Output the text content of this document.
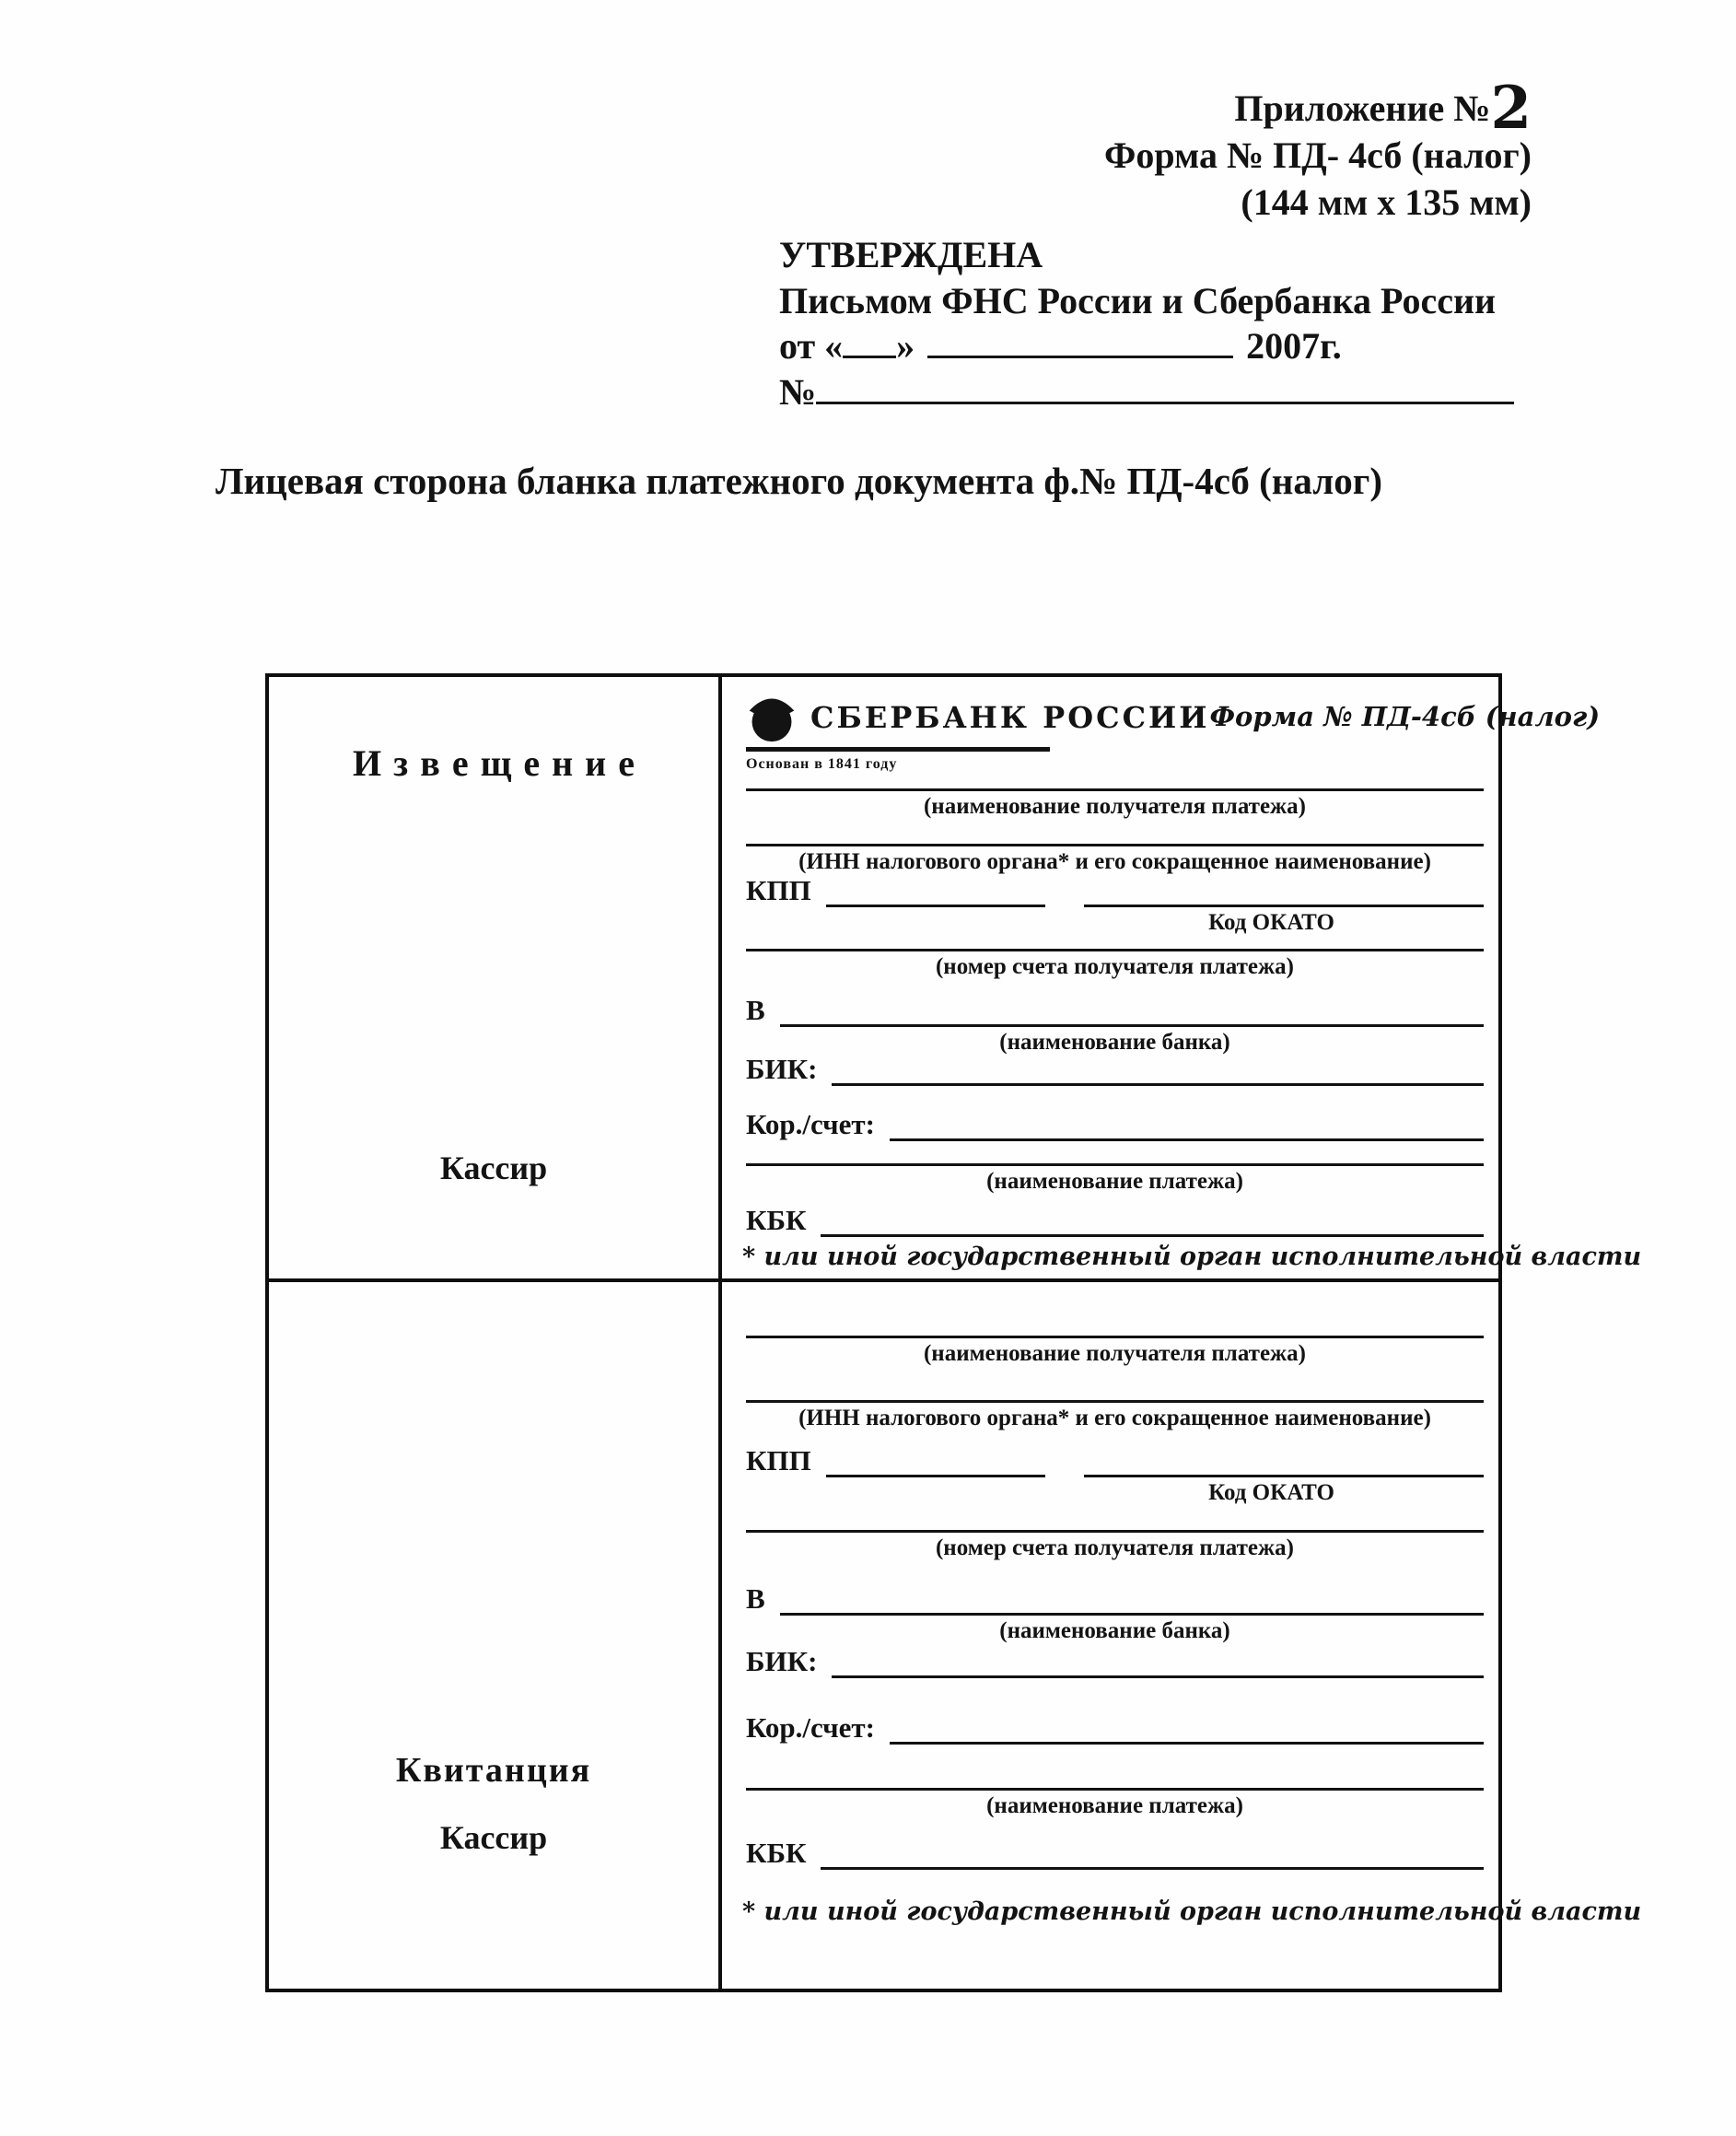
Приложение №2
Форма № ПД- 4сб (налог)
(144 мм х 135 мм)
УТВЕРЖДЕНА
Письмом ФНС России и Сбербанка России
от « »	2007г.
№
Лицевая сторона бланка платежного документа ф.№ ПД-4сб (налог)
Извещение
Кассир
СБЕРБАНК РОССИИ
Основан в 1841 году
Форма № ПД-4сб (налог)
(наименование получателя платежа)
(ИНН налогового органа* и его сокращенное наименование)
КПП
Код ОКАТО
(номер счета получателя платежа)
В
(наименование банка)
БИК:
Кор./счет:
(наименование платежа)
КБК
* или иной государственный орган исполнительной власти
Квитанция
Кассир
(наименование получателя платежа)
(ИНН налогового органа* и его сокращенное наименование)
КПП
Код ОКАТО
(номер счета получателя платежа)
В
(наименование банка)
БИК:
Кор./счет:
(наименование платежа)
КБК
* или иной государственный орган исполнительной власти
